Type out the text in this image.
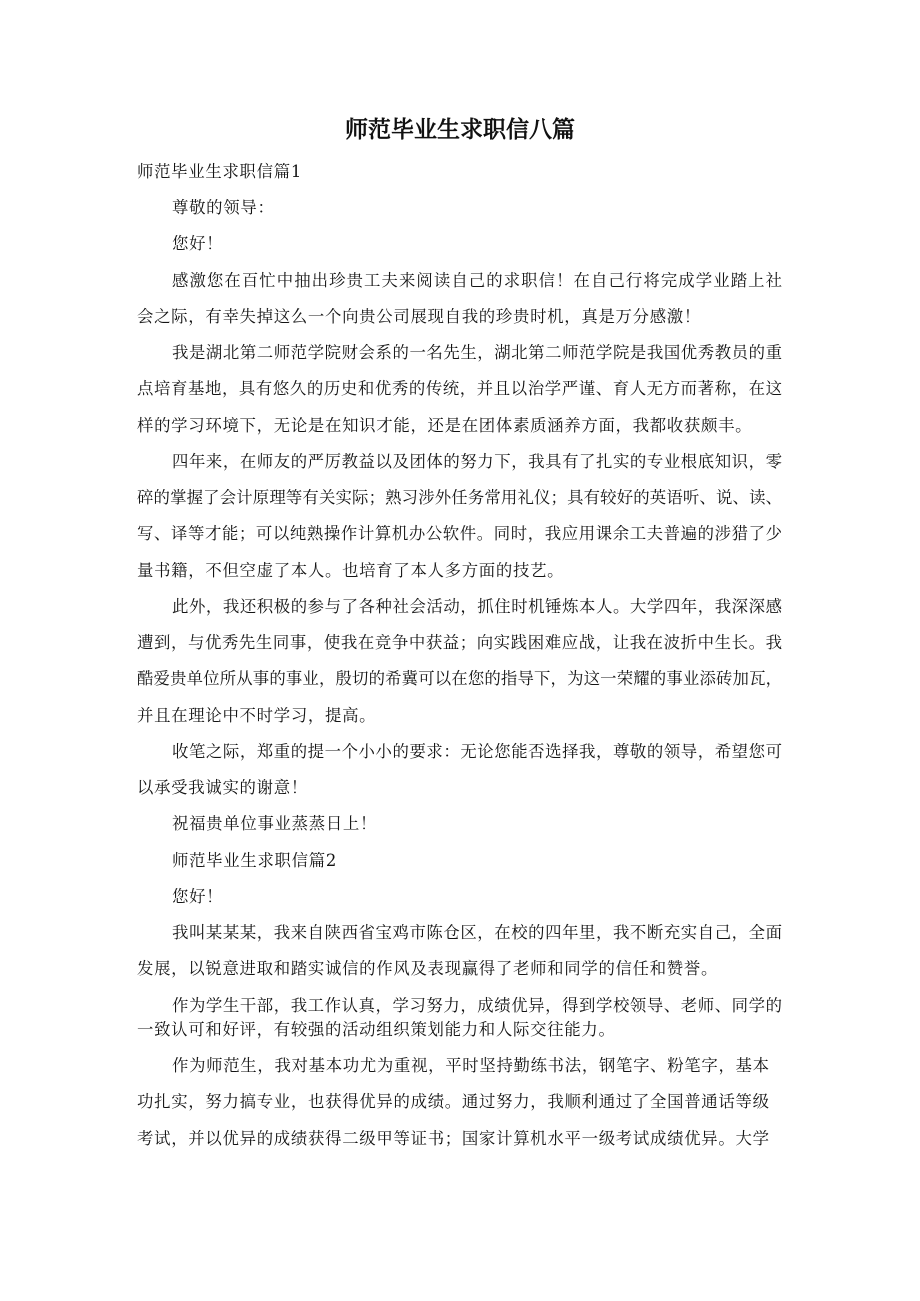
师范毕业生求职信八篇
师范毕业生求职信篇1
尊敬的领导：
您好！
感激您在百忙中抽出珍贵工夫来阅读自己的求职信！在自己行将完成学业踏上社
会之际，有幸失掉这么一个向贵公司展现自我的珍贵时机，真是万分感激！
我是湖北第二师范学院财会系的一名先生，湖北第二师范学院是我国优秀教员的重
点培育基地，具有悠久的历史和优秀的传统，并且以治学严谨、育人无方而著称，在这
样的学习环境下，无论是在知识才能，还是在团体素质涵养方面，我都收获颇丰。
四年来，在师友的严厉教益以及团体的努力下，我具有了扎实的专业根底知识，零
碎的掌握了会计原理等有关实际；熟习涉外任务常用礼仪；具有较好的英语听、说、读、
写、译等才能；可以纯熟操作计算机办公软件。同时，我应用课余工夫普遍的涉猎了少
量书籍，不但空虚了本人。也培育了本人多方面的技艺。
此外，我还积极的参与了各种社会活动，抓住时机锤炼本人。大学四年，我深深感
遭到，与优秀先生同事，使我在竞争中获益；向实践困难应战，让我在波折中生长。我
酷爱贵单位所从事的事业，殷切的希冀可以在您的指导下，为这一荣耀的事业添砖加瓦，
并且在理论中不时学习，提高。
收笔之际，郑重的提一个小小的要求：无论您能否选择我，尊敬的领导，希望您可
以承受我诚实的谢意！
祝福贵单位事业蒸蒸日上！
师范毕业生求职信篇2
您好！
我叫某某某，我来自陕西省宝鸡市陈仓区，在校的四年里，我不断充实自己，全面
发展，以锐意进取和踏实诚信的作风及表现赢得了老师和同学的信任和赞誉。
作为学生干部，我工作认真，学习努力，成绩优异，得到学校领导、老师、同学的
一致认可和好评，有较强的活动组织策划能力和人际交往能力。
作为师范生，我对基本功尤为重视，平时坚持勤练书法，钢笔字、粉笔字，基本
功扎实，努力搞专业，也获得优异的成绩。通过努力，我顺利通过了全国普通话等级
考试，并以优异的成绩获得二级甲等证书；国家计算机水平一级考试成绩优异。大学
